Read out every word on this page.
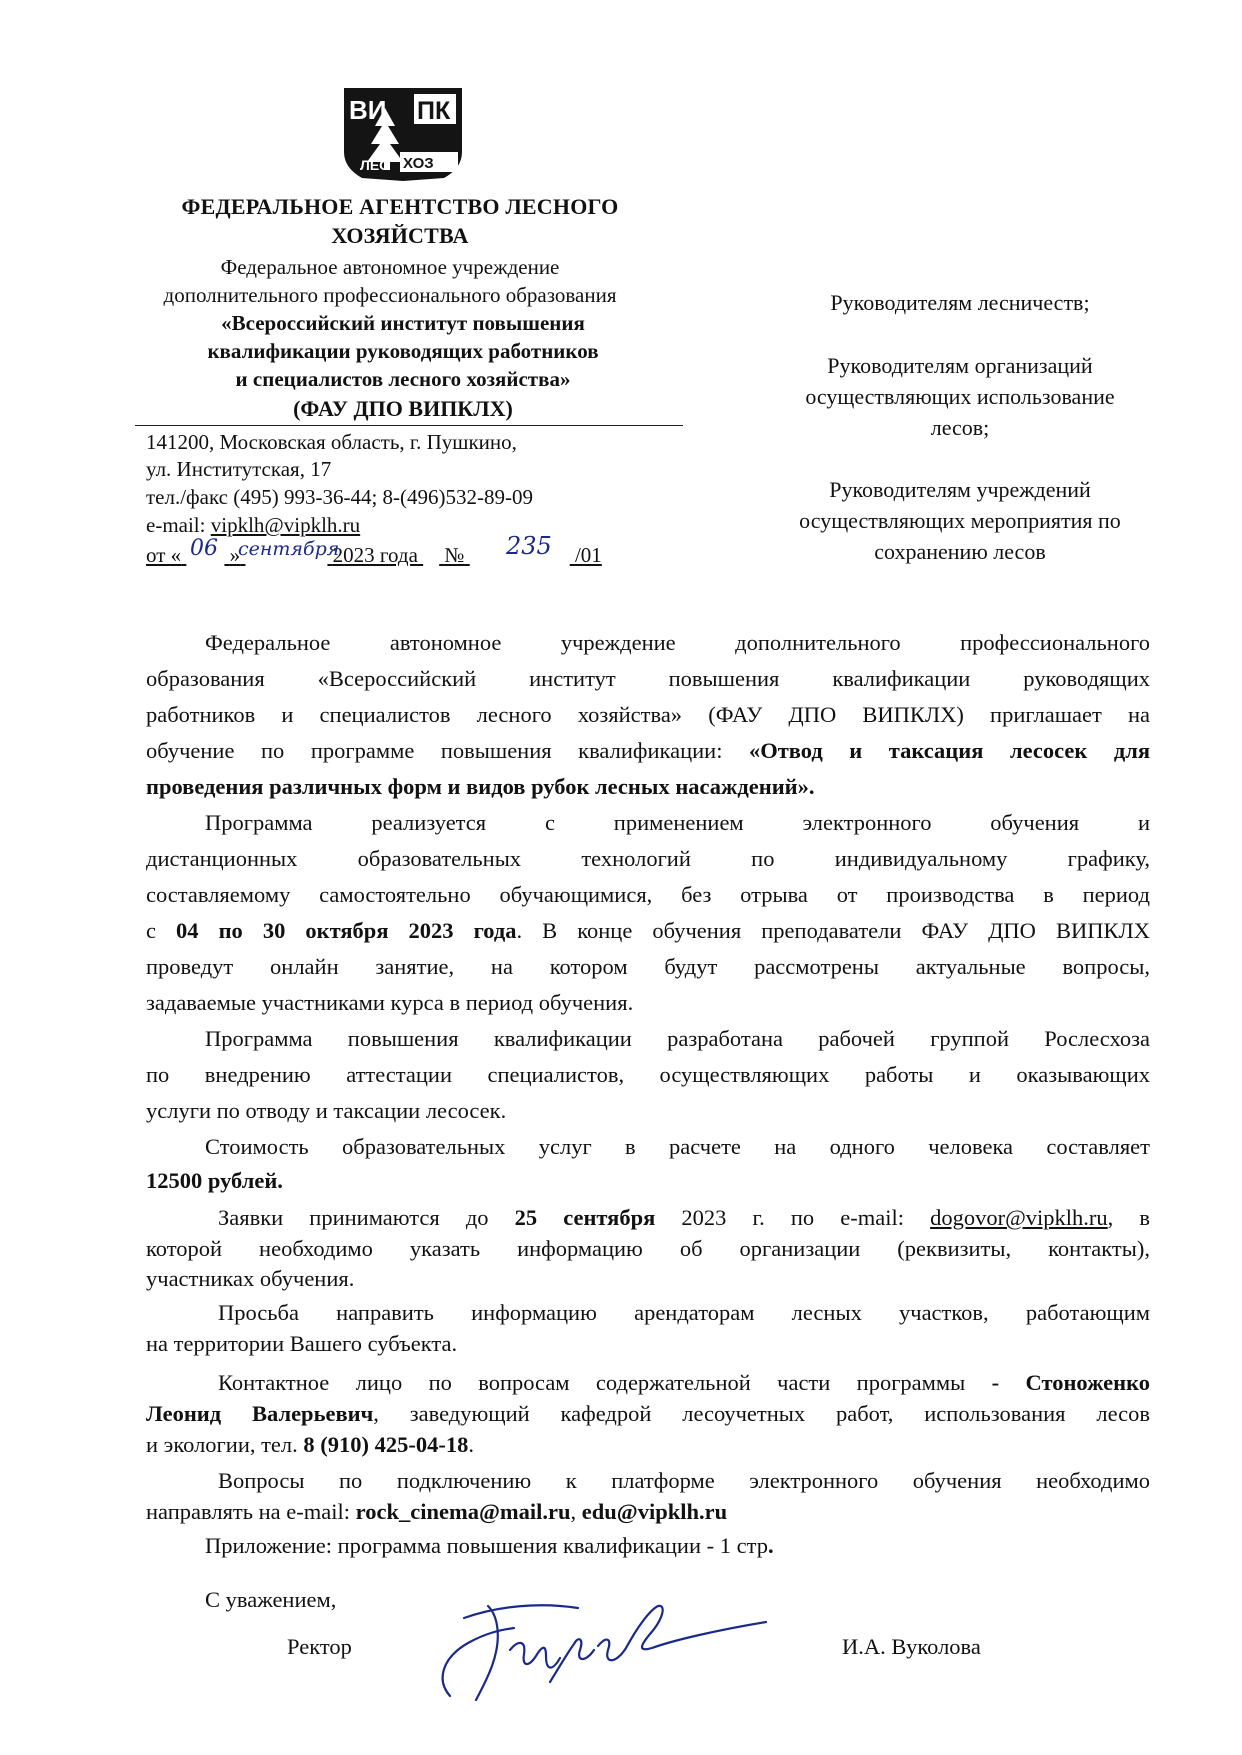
ВИ ПК
ЛЕС ХОЗ
ФЕДЕРАЛЬНОЕ АГЕНТСТВО ЛЕСНОГО
ХОЗЯЙСТВА
Федеральное автономное учреждение
дополнительного профессионального образования
«Всероссийский институт повышения
квалификации руководящих работников
и специалистов лесного хозяйства»
(ФАУ ДПО ВИПКЛХ)
141200, Московская область, г. Пушкино,
ул. Институтская, 17
тел./факс (495) 993-36-44; 8-(496)532-89-09
e-mail: vipklh@vipklh.ru
от « »	2023 года №	/01
06 сентября	235
Руководителям лесничеств;
Руководителям организаций
осуществляющих использование
лесов;
Руководителям учреждений
осуществляющих мероприятия по
сохранению лесов
Федеральное автономное учреждение дополнительного профессионального
образования «Всероссийский институт повышения квалификации руководящих
работников и специалистов лесного хозяйства» (ФАУ ДПО ВИПКЛХ) приглашает на
обучение по программе повышения квалификации: «Отвод и таксация лесосек для
проведения различных форм и видов рубок лесных насаждений».
Программа реализуется с применением электронного обучения и
дистанционных образовательных технологий по индивидуальному графику,
составляемому самостоятельно обучающимися, без отрыва от производства в период
с 04 по 30 октября 2023 года. В конце обучения преподаватели ФАУ ДПО ВИПКЛХ
проведут онлайн занятие, на котором будут рассмотрены актуальные вопросы,
задаваемые участниками курса в период обучения.
Программа повышения квалификации разработана рабочей группой Рослесхоза
по внедрению аттестации специалистов, осуществляющих работы и оказывающих
услуги по отводу и таксации лесосек.
Стоимость образовательных услуг в расчете на одного человека составляет
12500 рублей.
Заявки принимаются до 25 сентября 2023 г. по e-mail: dogovor@vipklh.ru, в
которой необходимо указать информацию об организации (реквизиты, контакты),
участниках обучения.
Просьба направить информацию арендаторам лесных участков, работающим
на территории Вашего субъекта.
Контактное лицо по вопросам содержательной части программы - Стоноженко
Леонид Валерьевич, заведующий кафедрой лесоучетных работ, использования лесов
и экологии, тел. 8 (910) 425-04-18.
Вопросы по подключению к платформе электронного обучения необходимо
направлять на e-mail: rock_cinema@mail.ru, edu@vipklh.ru
Приложение: программа повышения квалификации - 1 стр.
С уважением,
Ректор	И.А. Вуколова
